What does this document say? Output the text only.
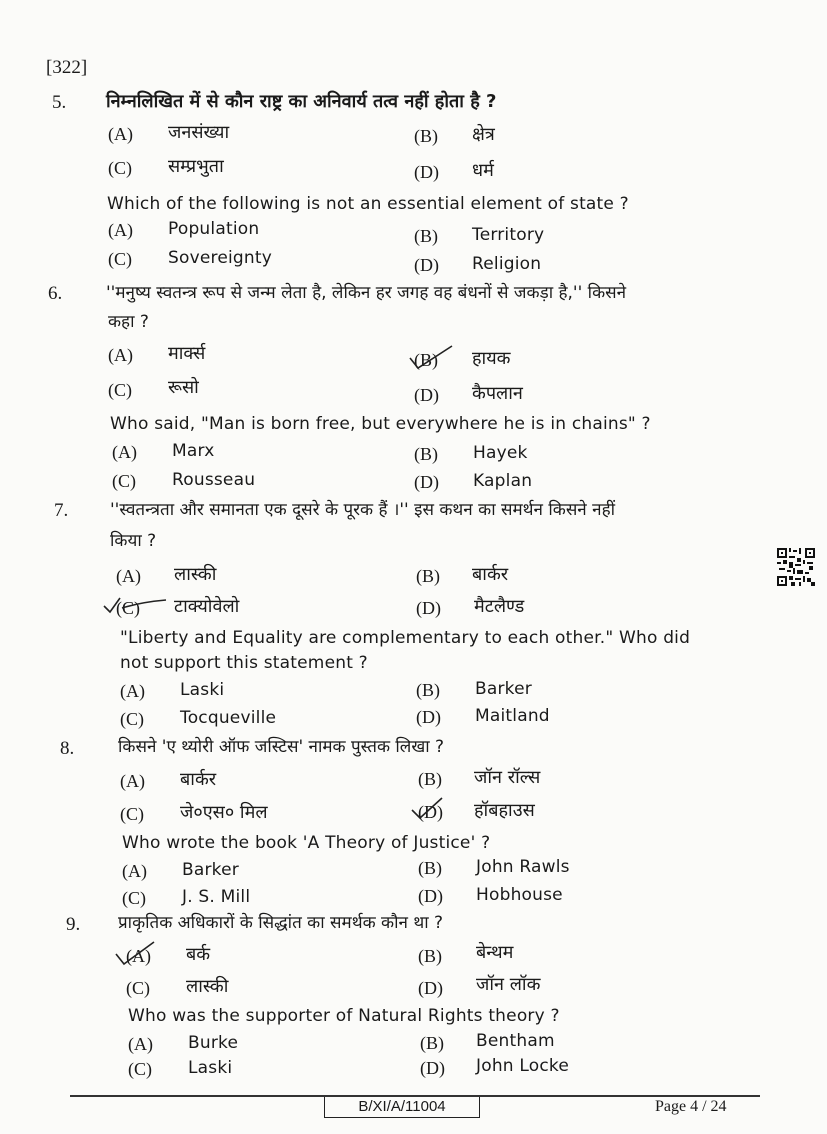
[322]
5. निम्नलिखित में से कौन राष्ट्र का अनिवार्य तत्व नहीं होता है ?
(A) जनसंख्या	(B) क्षेत्र
(C) सम्प्रभुता	(D) धर्म
Which of the following is not an essential element of state ?
(A) Population	(B) Territory
(C) Sovereignty	(D) Religion
6.	''मनुष्य स्वतन्त्र रूप से जन्म लेता है, लेकिन हर जगह वह बंधनों से जकड़ा है,'' किसने
कहा ?
(A) मार्क्स	(B) हायक
(C) रूसो	(D) कैपलान
Who said, "Man is born free, but everywhere he is in chains" ?
(A) Marx	(B) Hayek
(C) Rousseau	(D) Kaplan
7. ''स्वतन्त्रता और समानता एक दूसरे के पूरक हैं ।'' इस कथन का समर्थन किसने नहीं
किया ?
(A) लास्की	(B) बार्कर
(C) टाक्योवेलो	(D) मैटलैण्ड
"Liberty and Equality are complementary to each other." Who did
not support this statement ?
(A) Laski	(B) Barker
(C) Tocqueville	(D) Maitland
8.	किसने 'ए थ्योरी ऑफ जस्टिस' नामक पुस्तक लिखा ?
(A) बार्कर	(B) जॉन रॉल्स
(C) जे०एस० मिल	(D) हॉबहाउस
Who wrote the book 'A Theory of Justice' ?
(A) Barker	(B) John Rawls
(C) J. S. Mill	(D) Hobhouse
9. प्राकृतिक अधिकारों के सिद्धांत का समर्थक कौन था ?
(A) बर्क	(B) बेन्थम
(C) लास्की	(D) जॉन लॉक
Who was the supporter of Natural Rights theory ?
(A) Burke	(B) Bentham
(C) Laski	(D) John Locke
B/XI/A/11004	Page 4 / 24
